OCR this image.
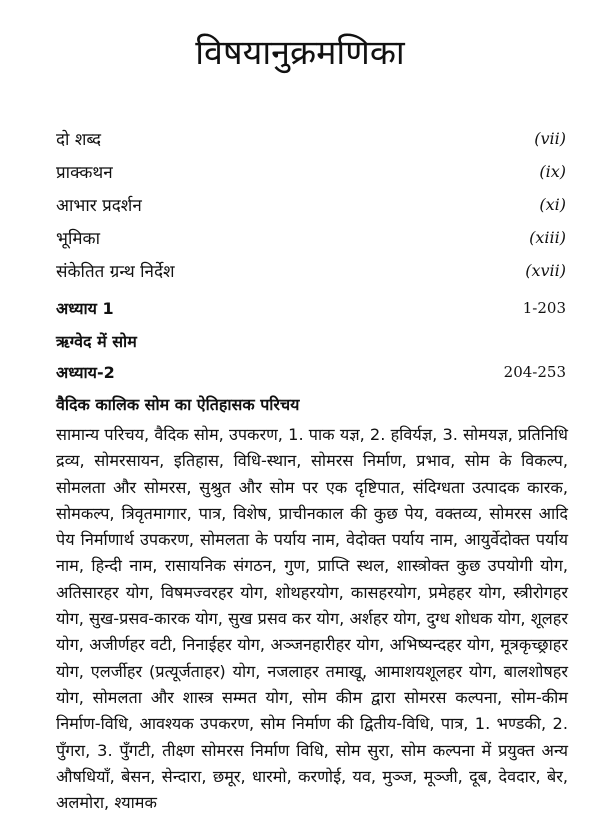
विषयानुक्रमणिका
दो शब्द	(vii)
प्राक्कथन	(ix)
आभार प्रदर्शन	(xi)
भूमिका	(xiii)
संकेतित ग्रन्थ निर्देश	(xvii)
अध्याय 1	1-203
ऋग्वेद में सोम
अध्याय-2	204-253
वैदिक कालिक सोम का ऐतिहासक परिचय
सामान्य परिचय, वैदिक सोम, उपकरण, 1. पाक यज्ञ, 2. हविर्यज्ञ, 3. सोमयज्ञ, प्रतिनिधि द्रव्य, सोमरसायन, इतिहास, विधि-स्थान, सोमरस निर्माण, प्रभाव, सोम के विकल्प, सोमलता और सोमरस, सुश्रुत और सोम पर एक दृष्टिपात, संदिग्धता उत्पादक कारक, सोमकल्प, त्रिवृतमागार, पात्र, विशेष, प्राचीनकाल की कुछ पेय, वक्तव्य, सोमरस आदि पेय निर्माणार्थ उपकरण, सोमलता के पर्याय नाम, वेदोक्त पर्याय नाम, आयुर्वेदोक्त पर्याय नाम, हिन्दी नाम, रासायनिक संगठन, गुण, प्राप्ति स्थल, शास्त्रोक्त कुछ उपयोगी योग, अतिसारहर योग, विषमज्वरहर योग, शोथहरयोग, कासहरयोग, प्रमेहहर योग, स्त्रीरोगहर योग, सुख-प्रसव-कारक योग, सुख प्रसव कर योग, अर्शहर योग, दुग्ध शोधक योग, शूलहर योग, अजीर्णहर वटी, निनाईहर योग, अञ्जनहारीहर योग, अभिष्यन्दहर योग, मूत्रकृच्छ्राहर योग, एलर्जीहर (प्रत्यूर्जताहर) योग, नजलाहर तमाखू, आमाशयशूलहर योग, बालशोषहर योग, सोमलता और शास्त्र सम्मत योग, सोम कीम द्वारा सोमरस कल्पना, सोम-कीम निर्माण-विधि, आवश्यक उपकरण, सोम निर्माण की द्वितीय-विधि, पात्र, 1. भण्डकी, 2. पुँगरा, 3. पुँगटी, तीक्ष्ण सोमरस निर्माण विधि, सोम सुरा, सोम कल्पना में प्रयुक्त अन्य औषधियाँ, बेसन, सेन्दारा, छमूर, धारमो, करणोई, यव, मुञ्ज, मूञ्जी, दूब, देवदार, बेर, अलमोरा, श्यामक
